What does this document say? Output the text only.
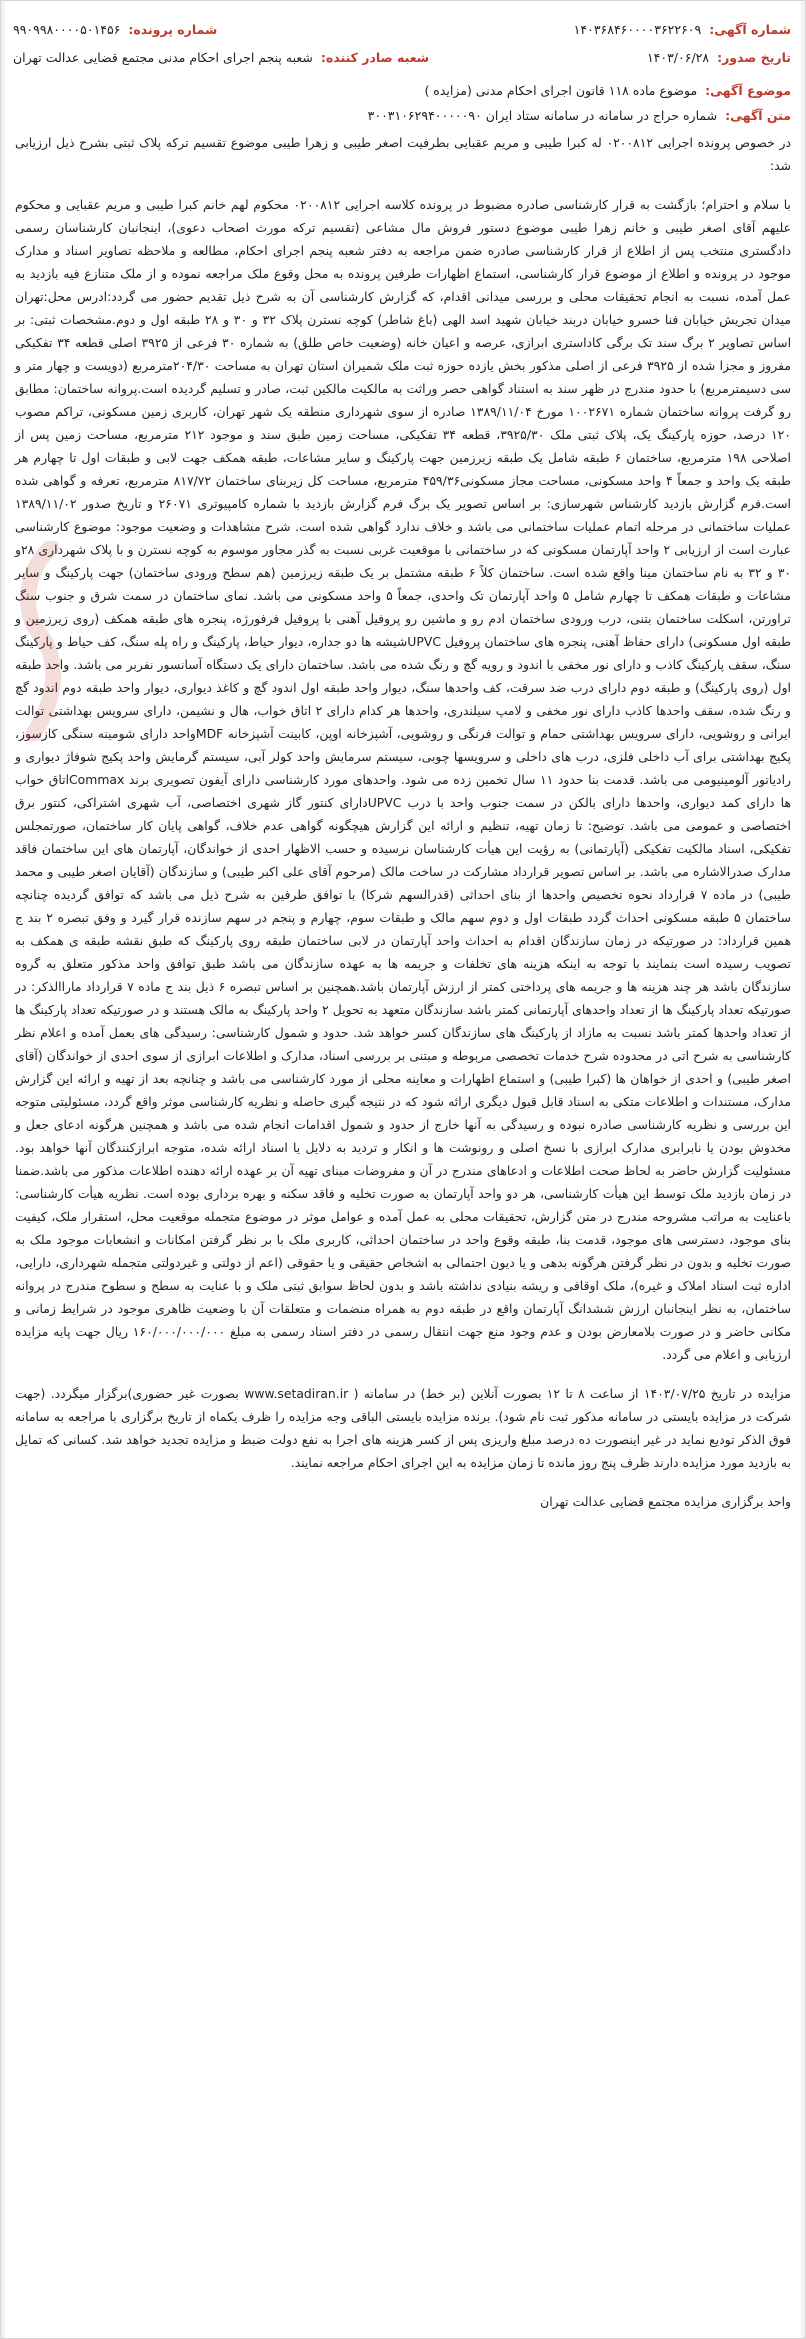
شماره آگهی:
۱۴۰۳۶۸۴۶۰۰۰۰۳۶۲۲۶۰۹
شماره پرونده:
۹۹۰۹۹۸۰۰۰۰۵۰۱۴۵۶
تاریخ صدور:
۱۴۰۳/۰۶/۲۸
شعبه صادر کننده:
شعبه پنجم اجرای احکام مدنی مجتمع قضایی عدالت تهران
موضوع آگهی:
موضوع ماده ۱۱۸ قانون اجرای احکام مدنی (مزایده )
متن آگهی:
شماره حراج در سامانه در سامانه ستاد ایران ۳۰۰۳۱۰۶۲۹۴۰۰۰۰۰۹۰

در خصوص پرونده اجرایی ۰۲۰۰۸۱۲ له کبرا طیبی و مریم عقبایی بطرفیت اصغر طیبی و زهرا طیبی موضوع تقسیم ترکه پلاک ثبتی بشرح ذیل ارزیابی شد:

با سلام و احترام؛ بازگشت به قرار کارشناسی صادره مضبوط در پرونده کلاسه اجرایی ۰۲۰۰۸۱۲ محکوم لهم خانم کبرا طیبی و مریم عقبایی و محکوم علیهم آقای اصغر طیبی و خانم زهرا طیبی موضوع دستور فروش مال مشاعی (تقسیم ترکه مورث اصحاب دعوی)، اینجانبان کارشناسان رسمی دادگستری منتخب پس از اطلاع از قرار کارشناسی صادره ضمن مراجعه به دفتر شعبه پنجم اجرای احکام، مطالعه و ملاحظه تصاویر اسناد و مدارک موجود در پرونده و اطلاع از موضوع قرار کارشناسی، استماع اظهارات طرفین پرونده به محل وقوع ملک مراجعه نموده و از ملک متنازع فیه بازدید به عمل آمده، نسبت به انجام تحقیقات محلی و بررسی میدانی اقدام، که گزارش کارشناسی آن به شرح ذیل تقدیم حضور می گردد:ادرس محل:تهران میدان تجریش خیابان فنا خسرو خیابان دربند خیابان شهید اسد الهی (باغ شاطر) کوچه نسترن پلاک ۳۲ و ۳۰ و ۲۸ طبقه اول و دوم.مشخصات ثبتی: بر اساس تصاویر ۲ برگ سند تک برگی کاداستری ابرازی، عرصه و اعیان خانه (وضعیت خاص طلق) به شماره ۳۰ فرعی از ۳۹۲۵ اصلی قطعه ۳۴ تفکیکی مفروز و مجزا شده از ۳۹۲۵ فرعی از اصلی مذکور بخش یازده حوزه ثبت ملک شمیران استان تهران به مساحت ۲۰۴/۳۰مترمربع (دویست و چهار متر و سی دسیمترمربع) با حدود مندرج در ظهر سند به استناد گواهی حصر وراثت به مالکیت مالکین ثبت، صادر و تسلیم گردیده است.پروانه ساختمان: مطابق رو گرفت پروانه ساختمان شماره ۱۰۰۲۶۷۱ مورخ ۱۳۸۹/۱۱/۰۴ صادره از سوی شهرداری منطقه یک شهر تهران، کاربری زمین مسکونی، تراکم مصوب ۱۲۰ درصد، حوزه پارکینگ یک، پلاک ثبتی ملک ۳۹۲۵/۳۰، قطعه ۳۴ تفکیکی، مساحت زمین طبق سند و موجود ۲۱۲ مترمربع، مساحت زمین پس از اصلاحی ۱۹۸ مترمربع، ساختمان ۶ طبقه شامل یک طبقه زیرزمین جهت پارکینگ و سایر مشاعات، طبقه همکف جهت لابی و طبقات اول تا چهارم هر طبقه یک واحد و جمعاً ۴ واحد مسکونی، مساحت مجاز مسکونی۴۵۹/۳۶ مترمربع، مساحت کل زیربنای ساختمان ۸۱۷/۷۲ مترمربع، تعرفه و گواهی شده است.فرم گزارش بازدید کارشناس شهرسازی: بر اساس تصویر یک برگ فرم گزارش بازدید با شماره کامپیوتری ۲۶۰۷۱ و تاریخ صدور ۱۳۸۹/۱۱/۰۲ عملیات ساختمانی در مرحله اتمام عملیات ساختمانی می باشد و خلاف ندارد گواهی شده است. شرح مشاهدات و وضعیت موجود: موضوع کارشناسی عبارت است از ارزیابی ۲ واحد آپارتمان مسکونی که در ساختمانی با موقعیت غربی نسبت به گذر مجاور موسوم به کوچه نسترن و با پلاک شهرداری ۲۸و ۳۰ و ۳۲ به نام ساختمان مینا واقع شده است. ساختمان کلاً ۶ طبقه مشتمل بر یک طبقه زیرزمین (هم سطح ورودی ساختمان) جهت پارکینگ و سایر مشاعات و طبقات همکف تا چهارم شامل ۵ واحد آپارتمان تک واحدی، جمعاً ۵ واحد مسکونی می باشد. نمای ساختمان در سمت شرق و جنوب سنگ تراورتن، اسکلت ساختمان بتنی، درب ورودی ساختمان ادم رو و ماشین رو پروفیل آهنی با پروفیل فرفورژه، پنجره های طبقه همکف (روی زیرزمین و طبقه اول مسکونی) دارای حفاظ آهنی، پنجره های ساختمان پروفیل UPVCشیشه ها دو جداره، دیوار حیاط، پارکینگ و راه پله سنگ، کف حیاط و پارکینگ سنگ، سقف پارکینگ کاذب و دارای نور مخفی با اندود و رویه گچ و رنگ شده می باشد. ساختمان دارای یک دستگاه آسانسور نفربر می باشد. واحد طبقه اول (روی پارکینگ) و طبقه دوم دارای درب ضد سرقت، کف واحدها سنگ، دیوار واحد طبقه اول اندود گچ و کاغذ دیواری، دیوار واحد طبقه دوم اندود گچ و رنگ شده، سقف واحدها کاذب دارای نور مخفی و لامپ سیلندری، واحدها هر کدام دارای ۲ اتاق خواب، هال و نشیمن، دارای سرویس بهداشتی توالت ایرانی و روشویی، دارای سرویس بهداشتی حمام و توالت فرنگی و روشویی، آشپزخانه اوپن، کابینت آشپزخانه MDFواحد دارای شومینه سنگی کازسوز، پکیج بهداشتی برای آب داخلی فلزی، درب های داخلی و سرویسها چوبی، سیستم سرمایش واحد کولر آبی، سیستم گرمایش واحد پکیج شوفاژ دیواری و رادیاتور آلومینیومی می باشد. قدمت بنا حدود ۱۱ سال تخمین زده می شود. واحدهای مورد کارشناسی دارای آیفون تصویری برند Commaxاتاق خواب ها دارای کمد دیواری، واحدها دارای بالکن در سمت جنوب واحد با درب UPVCدارای کنتور گاز شهری اختصاصی، آب شهری اشتراکی، کنتور برق اختصاصی و عمومی می باشد. توضیح: تا زمان تهیه، تنظیم و ارائه این گزارش هیچگونه گواهی عدم خلاف، گواهی پایان کار ساختمان، صورتمجلس تفکیکی، اسناد مالکیت تفکیکی (آپارتمانی) به رؤیت این هیأت کارشناسان نرسیده و حسب الاظهار احدی از خواندگان، آپارتمان های این ساختمان فاقد مدارک صدرالاشاره می باشد. بر اساس تصویر قرارداد مشارکت در ساخت مالک (مرحوم آقای علی اکبر طیبی) و سازندگان (آقایان اصغر طیبی و محمد طیبی) در ماده ۷ قرارداد نحوه تخصیص واحدها از بنای احداثی (قدرالسهم شرکا) با توافق طرفین به شرح ذیل می باشد که توافق گردیده چنانچه ساختمان ۵ طبقه مسکونی احداث گردد طبقات اول و دوم سهم مالک و طبقات سوم، چهارم و پنجم در سهم سازنده قرار گیرد و وفق تبصره ۲ بند ج همین قرارداد: در صورتیکه در زمان سازندگان اقدام به احداث واحد آپارتمان در لابی ساختمان طبقه روی پارکینگ که طبق نقشه طبقه ی همکف به تصویب رسیده است بنمایند با توجه به اینکه هزینه های تخلفات و جریمه ها به عهده سازندگان می باشد طبق توافق واحد مذکور متعلق به گروه سازندگان باشد هر چند هزینه ها و جریمه های پرداختی کمتر از ارزش آپارتمان باشد.همچنین بر اساس تبصره ۶ ذیل بند ج ماده ۷ قرارداد ماراالذکر: در صورتیکه تعداد پارکینگ ها از تعداد واحدهای آپارتمانی کمتر باشد سازندگان متعهد به تحویل ۲ واحد پارکینگ به مالک هستند و در صورتیکه تعداد پارکینگ ها از تعداد واحدها کمتر باشد نسبت به مازاد از پارکینگ های سازندگان کسر خواهد شد. حدود و شمول کارشناسی: رسیدگی های بعمل آمده و اعلام نظر کارشناسی به شرح اتی در محدوده شرح خدمات تخصصی مربوطه و مبتنی بر بررسی اسناد، مدارک و اطلاعات ابرازی از سوی احدی از خواندگان (آقای اصغر طیبی) و احدی از خواهان ها (کبرا طیبی) و استماع اظهارات و معاینه محلی از مورد کارشناسی می باشد و چنانچه بعد از تهیه و ارائه این گزارش مدارک، مستندات و اطلاعات متکی به اسناد قابل قبول دیگری ارائه شود که در نتیجه گیری حاصله و نظریه کارشناسی موثر واقع گردد، مسئولیتی متوجه این بررسی و نظریه کارشناسی صادره نبوده و رسیدگی به آنها خارج از حدود و شمول اقدامات انجام شده می باشد و همچنین هرگونه ادعای جعل و مخدوش بودن یا نابرابری مدارک ابرازی با نسخ اصلی و رونوشت ها و انکار و تردید به دلایل یا اسناد ارائه شده، متوجه ابرازکنندگان آنها خواهد بود. مسئولیت گزارش حاضر به لحاظ صحت اطلاعات و ادعاهای مندرج در آن و مفروضات مبنای تهیه آن بر عهده ارائه دهنده اطلاعات مذکور می باشد.ضمنا در زمان بازدید ملک توسط این هیأت کارشناسی، هر دو واحد آپارتمان به صورت تخلیه و فاقد سکنه و بهره برداری بوده است. نظریه هیأت کارشناسی: باعنایت به مراتب مشروحه مندرج در متن گزارش، تحقیقات محلی به عمل آمده و عوامل موثر در موضوع متجمله موقعیت محل، استقرار ملک، کیفیت بنای موجود، دسترسی های موجود، قدمت بنا، طبقه وقوع واحد در ساختمان احداثی، کاربری ملک با بر نظر گرفتن امکانات و انشعابات موجود ملک به صورت تخلیه و بدون در نظر گرفتن هرگونه بدهی و یا دیون احتمالی به اشخاص حقیقی و یا حقوقی (اعم از دولتی و غیردولتی متجمله شهرداری، دارایی، اداره ثبت اسناد املاک و غیره)، ملک اوقافی و ریشه بنیادی نداشته باشد و بدون لحاظ سوابق ثبتی ملک و با عنایت به سطح و سطوح مندرج در پروانه ساختمان، به نظر اینجانبان ارزش ششدانگ آپارتمان واقع در طبقه دوم به همراه منضمات و متعلقات آن با وضعیت ظاهری موجود در شرایط زمانی و مکانی حاضر و در صورت بلامعارض بودن و عدم وجود منع جهت انتقال رسمی در دفتر اسناد رسمی به مبلغ ۱۶۰/۰۰۰/۰۰۰/۰۰۰ ریال جهت پایه مزایده ارزیابی و اعلام می گردد.

مزایده در تاریخ ۱۴۰۳/۰۷/۲۵ از ساعت ۸ تا ۱۲ بصورت آنلاین (بر خط) در سامانه ( www.setadiran.ir بصورت غیر حضوری)برگزار میگردد. (جهت شرکت در مزایده بایستی در سامانه مذکور ثبت نام شود). برنده مزایده بایستی الباقی وجه مزایده را ظرف یکماه از تاریخ برگزاری با مراجعه به سامانه فوق الذکر تودیع نماید در غیر اینصورت ده درصد مبلغ واریزی پس از کسر هزینه های اجرا به نفع دولت ضبط و مزایده تجدید خواهد شد. کسانی که تمایل به بازدید مورد مزایده دارند ظرف پنج روز مانده تا زمان مزایده به این اجرای احکام مراجعه نمایند.

واحد برگزاری مزایده مجتمع قضایی عدالت تهران
